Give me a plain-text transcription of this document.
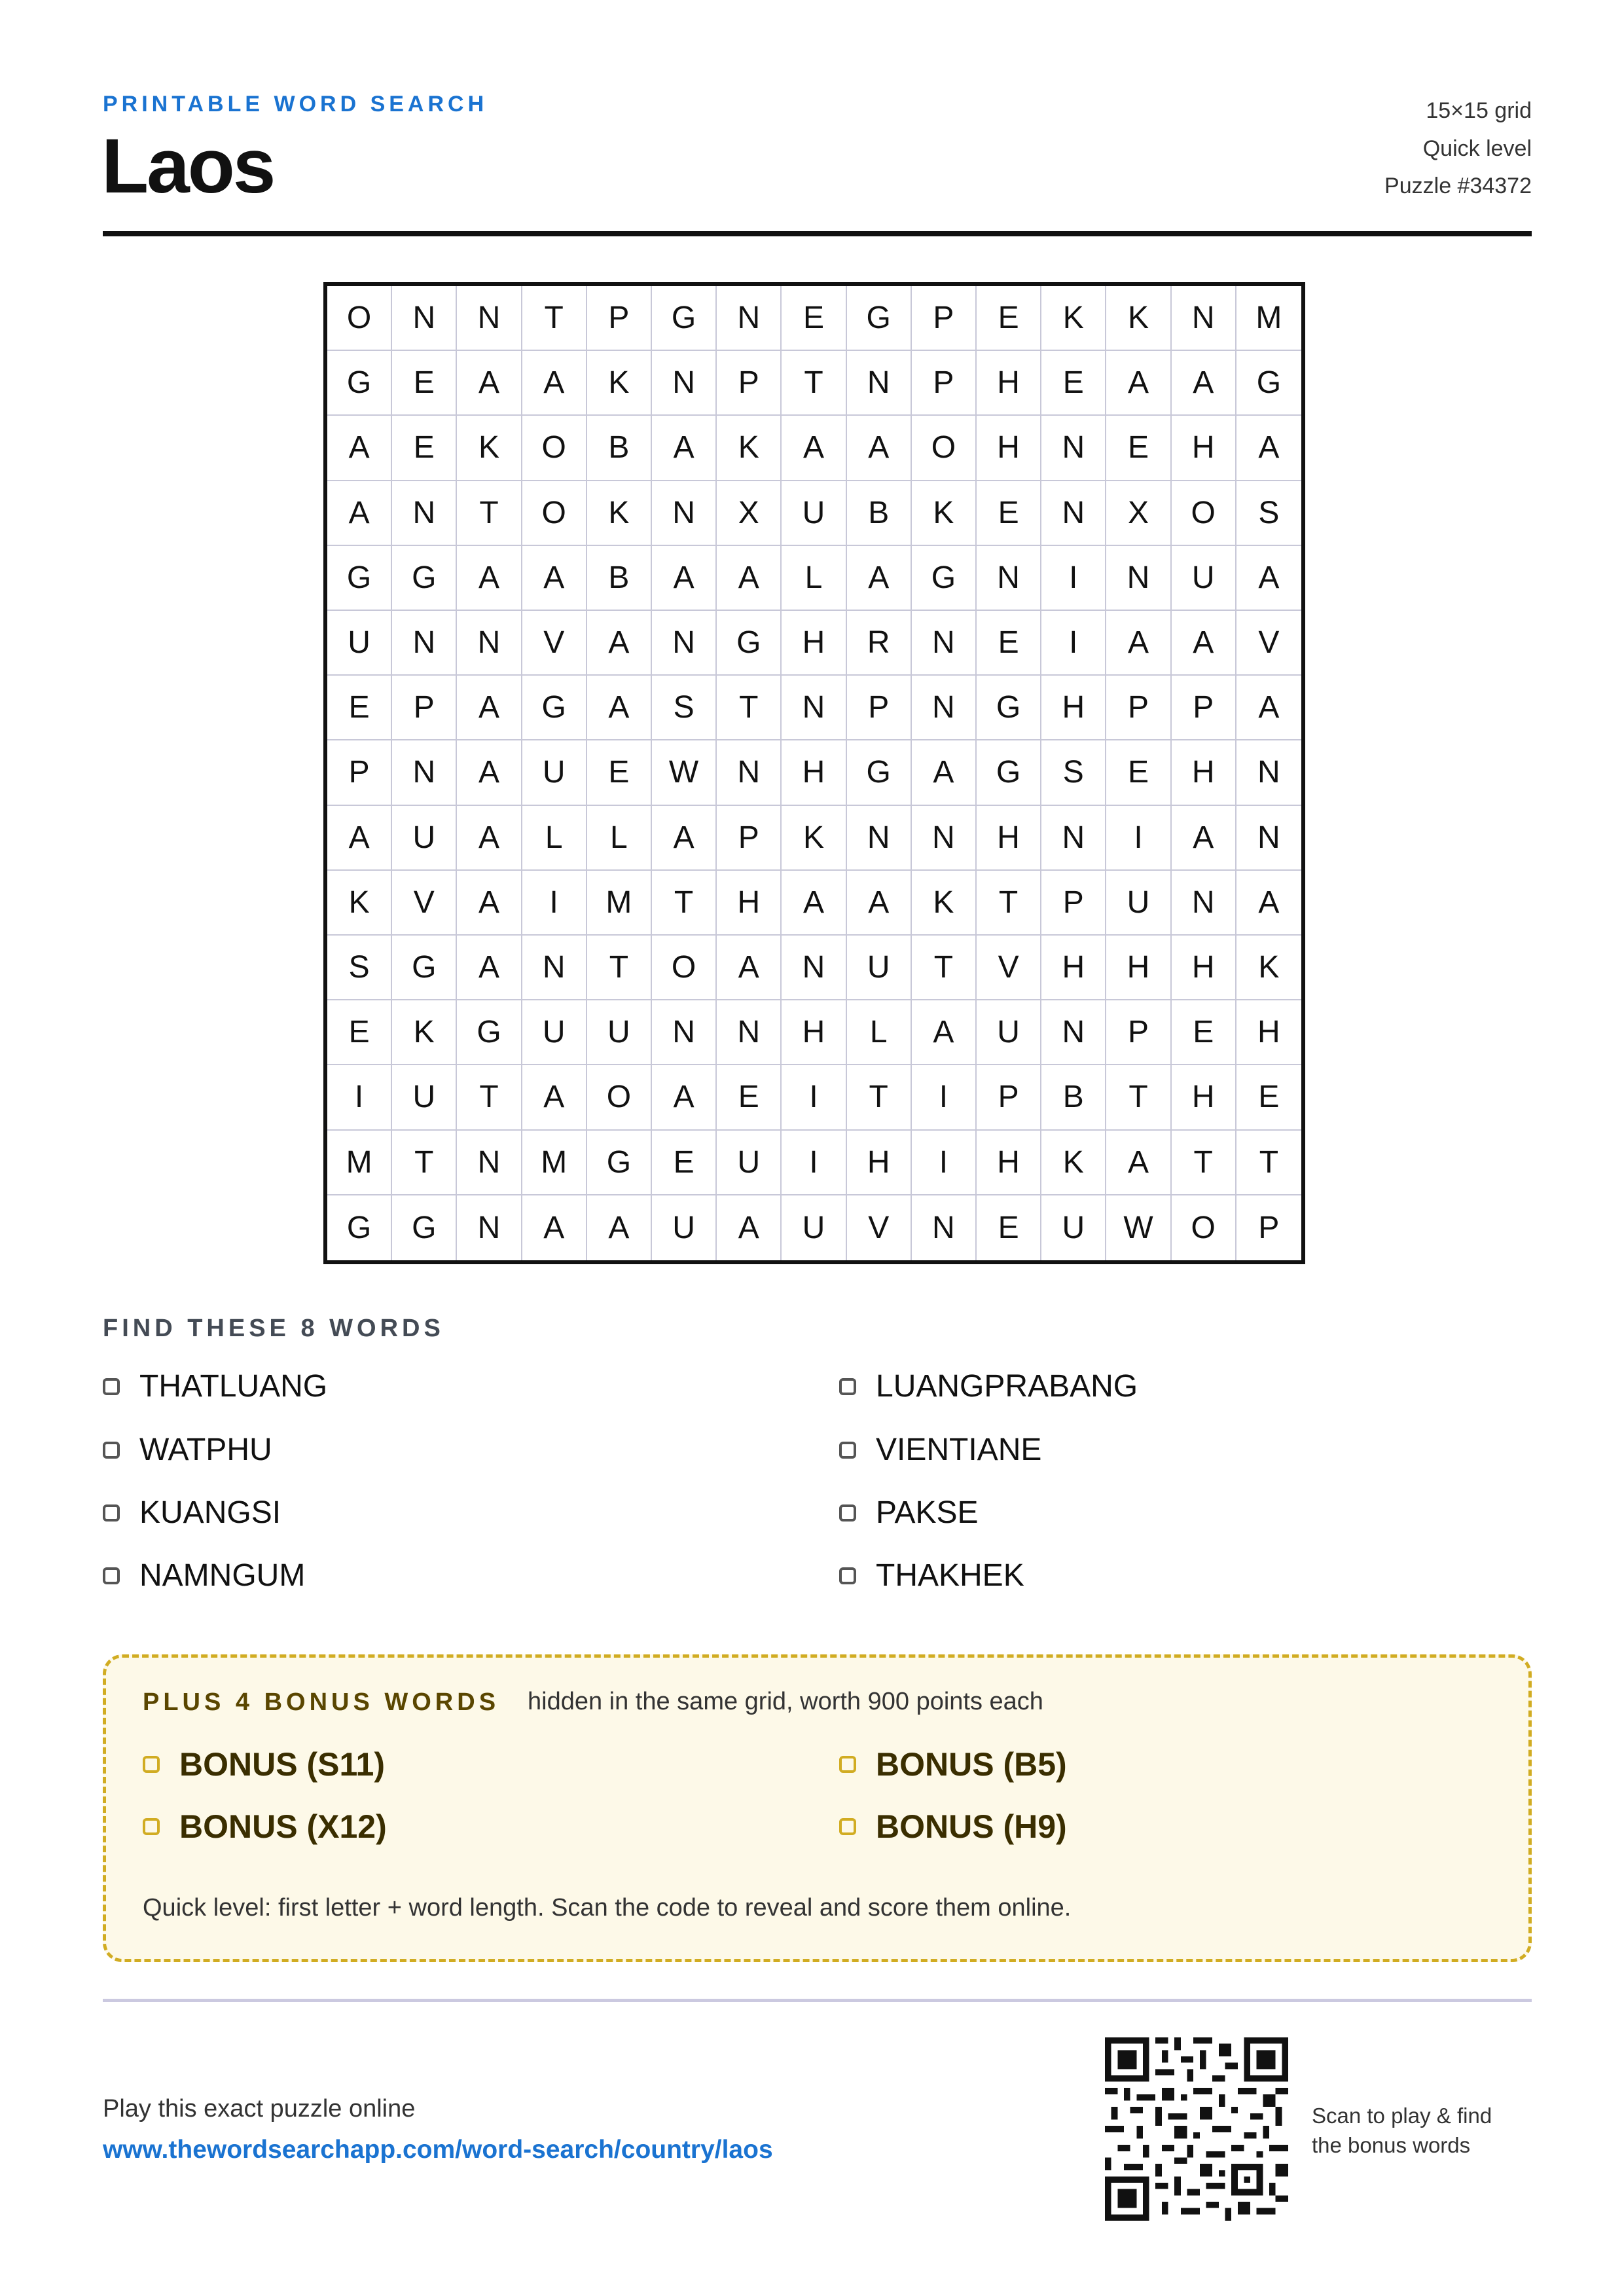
PRINTABLE WORD SEARCH
Laos
15×15 grid
Quick level
Puzzle #34372
O	N	N	T	P	G	N	E	G	P	E	K	K	N	M
G	E	A	A	K	N	P	T	N	P	H	E	A	A	G
A	E	K	O	B	A	K	A	A	O	H	N	E	H	A
A	N	T	O	K	N	X	U	B	K	E	N	X	O	S
G	G	A	A	B	A	A	L	A	G	N	I	N	U	A
U	N	N	V	A	N	G	H	R	N	E	I	A	A	V
E	P	A	G	A	S	T	N	P	N	G	H	P	P	A
P	N	A	U	E	W	N	H	G	A	G	S	E	H	N
A	U	A	L	L	A	P	K	N	N	H	N	I	A	N
K	V	A	I	M	T	H	A	A	K	T	P	U	N	A
S	G	A	N	T	O	A	N	U	T	V	H	H	H	K
E	K	G	U	U	N	N	H	L	A	U	N	P	E	H
I	U	T	A	O	A	E	I	T	I	P	B	T	H	E
M	T	N	M	G	E	U	I	H	I	H	K	A	T	T
G	G	N	A	A	U	A	U	V	N	E	U	W	O	P
FIND THESE 8 WORDS
THATLUANG	LUANGPRABANG
WATPHU	VIENTIANE
KUANGSI	PAKSE
NAMNGUM	THAKHEK
PLUS 4 BONUS WORDS hidden in the same grid, worth 900 points each
BONUS (S11)	BONUS (B5)
BONUS (X12)	BONUS (H9)
Quick level: first letter + word length. Scan the code to reveal and score them online.
Play this exact puzzle online
www.thewordsearchapp.com/word-search/country/laos
Scan to play & find
the bonus words
